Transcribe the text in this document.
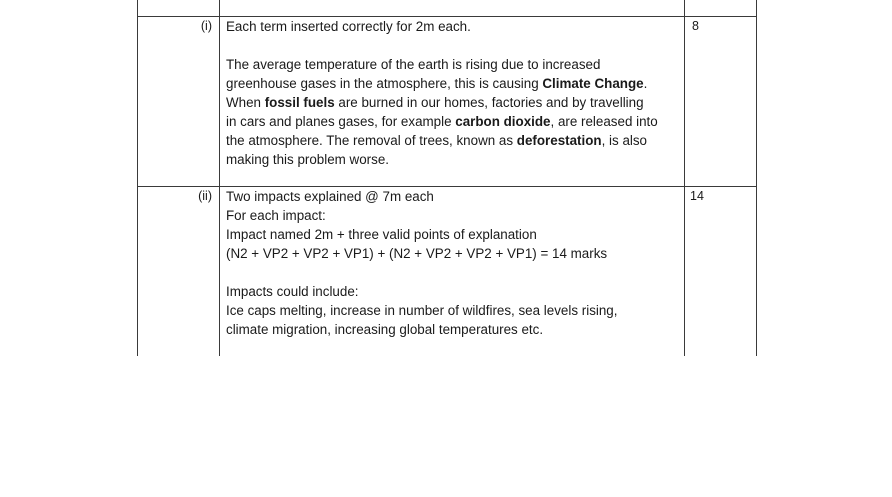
(i)	8
Each term inserted correctly for 2m each.
The average temperature of the earth is rising due to increased
greenhouse gases in the atmosphere, this is causing Climate Change.
When fossil fuels are burned in our homes, factories and by travelling
in cars and planes gases, for example carbon dioxide, are released into
the atmosphere. The removal of trees, known as deforestation, is also
making this problem worse.
(ii)	14
Two impacts explained @ 7m each
For each impact:
Impact named 2m + three valid points of explanation
(N2 + VP2 + VP2 + VP1) + (N2 + VP2 + VP2 + VP1) = 14 marks
Impacts could include:
Ice caps melting, increase in number of wildfires, sea levels rising,
climate migration, increasing global temperatures etc.
